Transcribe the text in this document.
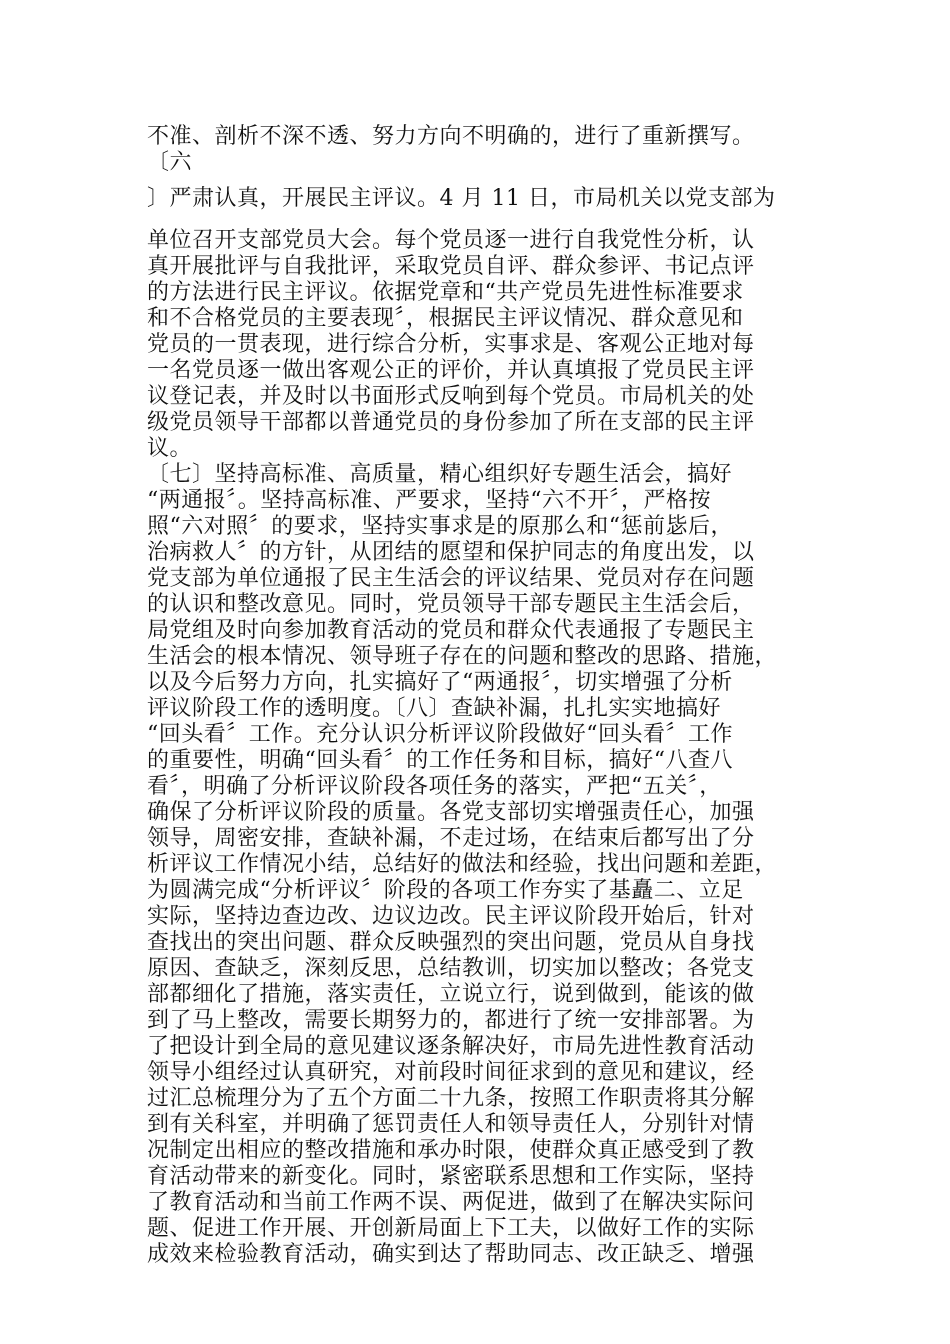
不准、剖析不深不透、努力方向不明确的，进行了重新撰写。
〔六
〕严肃认真，开展民主评议。4 月 11 日，市局机关以党支部为
单位召开支部党员大会。每个党员逐一进行自我党性分析，认
真开展批评与自我批评，采取党员自评、群众参评、书记点评
的方法进行民主评议。依据党章和“共产党员先进性标准要求
和不合格党员的主要表现〞，根据民主评议情况、群众意见和
党员的一贯表现，进行综合分析，实事求是、客观公正地对每
一名党员逐一做出客观公正的评价，并认真填报了党员民主评
议登记表，并及时以书面形式反响到每个党员。市局机关的处
级党员领导干部都以普通党员的身份参加了所在支部的民主评
议。
〔七〕坚持高标准、高质量，精心组织好专题生活会，搞好
“两通报〞。坚持高标准、严要求，坚持“六不开〞，严格按
照“六对照〞的要求，坚持实事求是的原那么和“惩前毖后，
治病救人〞的方针，从团结的愿望和保护同志的角度出发，以
党支部为单位通报了民主生活会的评议结果、党员对存在问题
的认识和整改意见。同时，党员领导干部专题民主生活会后，
局党组及时向参加教育活动的党员和群众代表通报了专题民主
生活会的根本情况、领导班子存在的问题和整改的思路、措施，
以及今后努力方向，扎实搞好了“两通报〞，切实增强了分析
评议阶段工作的透明度。〔八〕查缺补漏，扎扎实实地搞好
“回头看〞工作。充分认识分析评议阶段做好“回头看〞工作
的重要性，明确“回头看〞的工作任务和目标，搞好“八查八
看〞，明确了分析评议阶段各项任务的落实，严把“五关〞，
确保了分析评议阶段的质量。各党支部切实增强责任心，加强
领导，周密安排，查缺补漏，不走过场，在结束后都写出了分
析评议工作情况小结，总结好的做法和经验，找出问题和差距，
为圆满完成“分析评议〞阶段的各项工作夯实了基矗二、立足
实际，坚持边查边改、边议边改。民主评议阶段开始后，针对
查找出的突出问题、群众反映强烈的突出问题，党员从自身找
原因、查缺乏，深刻反思，总结教训，切实加以整改；各党支
部都细化了措施，落实责任，立说立行，说到做到，能该的做
到了马上整改，需要长期努力的，都进行了统一安排部署。为
了把设计到全局的意见建议逐条解决好，市局先进性教育活动
领导小组经过认真研究，对前段时间征求到的意见和建议，经
过汇总梳理分为了五个方面二十九条，按照工作职责将其分解
到有关科室，并明确了惩罚责任人和领导责任人，分别针对情
况制定出相应的整改措施和承办时限，使群众真正感受到了教
育活动带来的新变化。同时，紧密联系思想和工作实际，坚持
了教育活动和当前工作两不误、两促进，做到了在解决实际问
题、促进工作开展、开创新局面上下工夫，以做好工作的实际
成效来检验教育活动，确实到达了帮助同志、改正缺乏、增强
